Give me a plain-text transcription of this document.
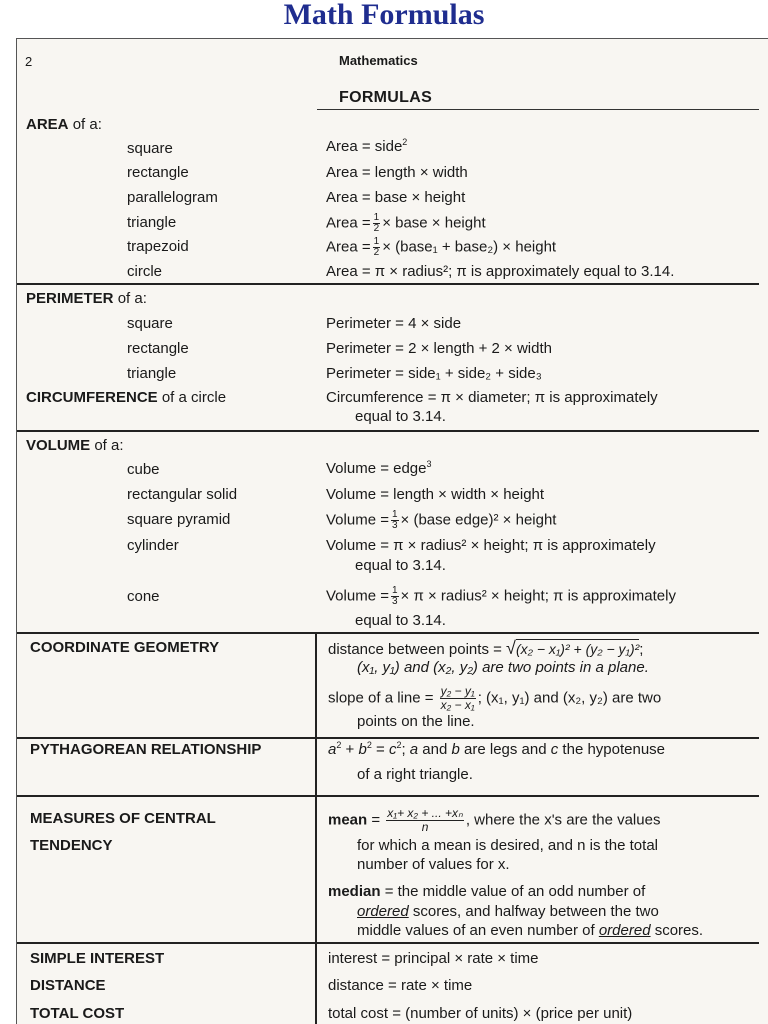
Math Formulas
2	Mathematics
FORMULAS
AREA of a:
square	Area = side$^2$
rectangle	Area = length × width
parallelogram	Area = base × height
triangle	Area = $\frac{1}{2}$ × base × height
trapezoid	Area = $\frac{1}{2}$ × (base₁ + base₂) × height
circle	Area = π × radius²; π is approximately equal to 3.14.
PERIMETER of a:
square	Perimeter = 4 × side
rectangle	Perimeter = 2 × length + 2 × width
triangle	Perimeter = side₁ + side₂ + side₃
CIRCUMFERENCE of a circle	Circumference = π × diameter; π is approximately
equal to 3.14.
VOLUME of a:
cube	Volume = edge$^3$
rectangular solid	Volume = length × width × height
square pyramid	Volume = $\frac{1}{3}$ × (base edge)² × height
cylinder	Volume = π × radius² × height; π is approximately
equal to 3.14.
cone	Volume = $\frac{1}{3} \times \pi$ × radius² × height; π is approximately
equal to 3.14.
COORDINATE GEOMETRY	distance between points = √(x₂ − x₁)² + (y₂ − y₁)²;
(x₁, y₁) and (x₂, y₂) are two points in a plane.
slope of a line = $\frac{\text{y₂ − y₁}}{\text{x₂ − x₁}}$ ; (x₁, y₁) and (x₂, y₂) are two
points on the line.
PYTHAGOREAN RELATIONSHIP	$a^2 + b^2 = c^2$; a and b are legs and c the hypotenuse
of a right triangle.
MEASURES OF CENTRAL
TENDENCY
mean = $\frac{\text{x₁+ x₂ + ... +xₙ}}{n}$ , where the x's are the values
for which a mean is desired, and n is the total
number of values for x.
median = the middle value of an odd number of
ordered scores, and halfway between the two
middle values of an even number of ordered scores.
SIMPLE INTEREST	interest = principal × rate × time
DISTANCE	distance = rate × time
TOTAL COST	total cost = (number of units) × (price per unit)
